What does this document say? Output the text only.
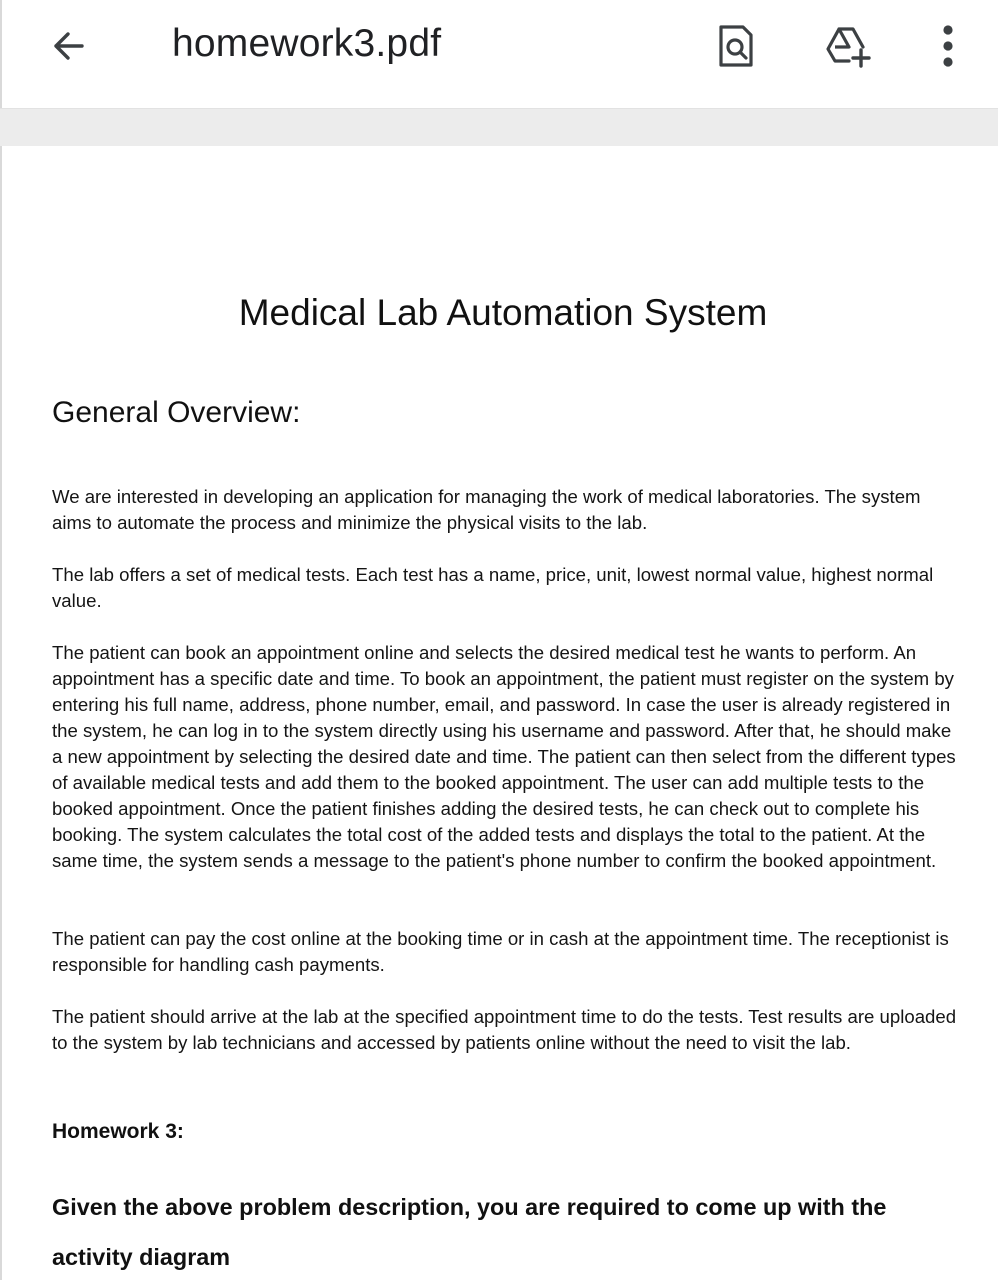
homework3.pdf
Medical Lab Automation System
General Overview:
We are interested in developing an application for managing the work of medical laboratories. The system aims to automate the process and minimize the physical visits to the lab.
The lab offers a set of medical tests. Each test has a name, price, unit, lowest normal value, highest normal value.
The patient can book an appointment online and selects the desired medical test he wants to perform. An appointment has a specific date and time. To book an appointment, the patient must register on the system by entering his full name, address, phone number, email, and password. In case the user is already registered in the system, he can log in to the system directly using his username and password. After that, he should make a new appointment by selecting the desired date and time. The patient can then select from the different types of available medical tests and add them to the booked appointment. The user can add multiple tests to the booked appointment. Once the patient finishes adding the desired tests, he can check out to complete his booking. The system calculates the total cost of the added tests and displays the total to the patient. At the same time, the system sends a message to the patient's phone number to confirm the booked appointment.
The patient can pay the cost online at the booking time or in cash at the appointment time. The receptionist is responsible for handling cash payments.
The patient should arrive at the lab at the specified appointment time to do the tests. Test results are uploaded to the system by lab technicians and accessed by patients online without the need to visit the lab.
Homework 3:
Given the above problem description, you are required to come up with the activity diagram
